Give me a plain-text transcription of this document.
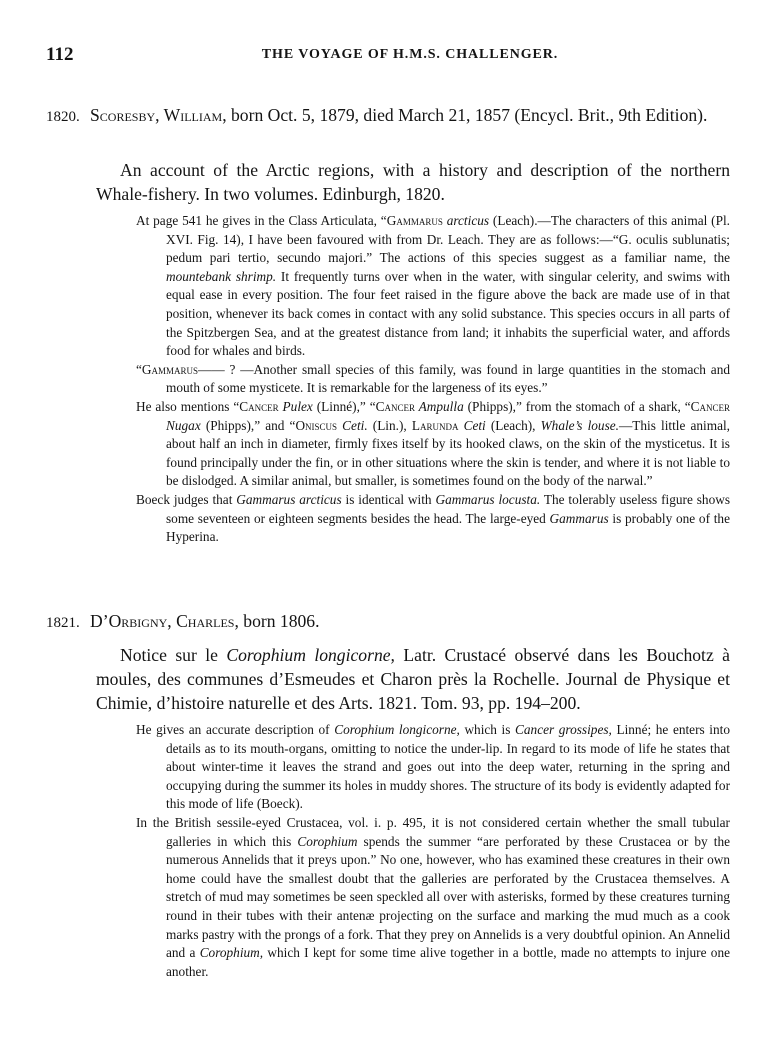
112	THE VOYAGE OF H.M.S. CHALLENGER.
1820. Scoresby, William, born Oct. 5, 1879, died March 21, 1857 (Encycl. Brit., 9th Edition).
An account of the Arctic regions, with a history and description of the northern Whale-fishery. In two volumes. Edinburgh, 1820.

At page 541 he gives in the Class Articulata, “Gammarus arcticus (Leach).—The characters of this animal (Pl. XVI. Fig. 14), I have been favoured with from Dr. Leach. They are as follows:—“G. oculis sublunatis; pedum pari tertio, secundo majori.” The actions of this species suggest as a familiar name, the mountebank shrimp. It frequently turns over when in the water, with singular celerity, and swims with equal ease in every position. The four feet raised in the figure above the back are made use of in that position, whenever its back comes in contact with any solid substance. This species occurs in all parts of the Spitzbergen Sea, and at the greatest distance from land; it inhabits the superficial water, and affords food for whales and birds.

“Gammarus—— ? —Another small species of this family, was found in large quantities in the stomach and mouth of some mysticete. It is remarkable for the largeness of its eyes.”

He also mentions “Cancer Pulex (Linné),” “Cancer Ampulla (Phipps),” from the stomach of a shark, “Cancer Nugax (Phipps),” and “Oniscus Ceti. (Lin.), Larunda Ceti (Leach), Whale’s louse.—This little animal, about half an inch in diameter, firmly fixes itself by its hooked claws, on the skin of the mysticetus. It is found principally under the fin, or in other situations where the skin is tender, and where it is not liable to be dislodged. A similar animal, but smaller, is sometimes found on the body of the narwal.”

Boeck judges that Gammarus arcticus is identical with Gammarus locusta. The tolerably useless figure shows some seventeen or eighteen segments besides the head. The large-eyed Gammarus is probably one of the Hyperina.

1821. D’Orbigny, Charles, born 1806.
Notice sur le Corophium longicorne, Latr. Crustacé observé dans les Bouchotz à moules, des communes d’Esmeudes et Charon près la Rochelle. Journal de Physique et Chimie, d’histoire naturelle et des Arts. 1821. Tom. 93, pp. 194–200.

He gives an accurate description of Corophium longicorne, which is Cancer grossipes, Linné; he enters into details as to its mouth-organs, omitting to notice the under-lip. In regard to its mode of life he states that about winter-time it leaves the strand and goes out into the deep water, returning in the spring and occupying during the summer its holes in muddy shores. The structure of its body is evidently adapted for this mode of life (Boeck).

In the British sessile-eyed Crustacea, vol. i. p. 495, it is not considered certain whether the small tubular galleries in which this Corophium spends the summer “are perforated by these Crustacea or by the numerous Annelids that it preys upon.” No one, however, who has examined these creatures in their own home could have the smallest doubt that the galleries are perforated by the Crustacea themselves. A stretch of mud may sometimes be seen speckled all over with asterisks, formed by these creatures turning round in their tubes with their antenæ projecting on the surface and marking the mud much as a cook marks pastry with the prongs of a fork. That they prey on Annelids is a very doubtful opinion. An Annelid and a Corophium, which I kept for some time alive together in a bottle, made no attempts to injure one another.
